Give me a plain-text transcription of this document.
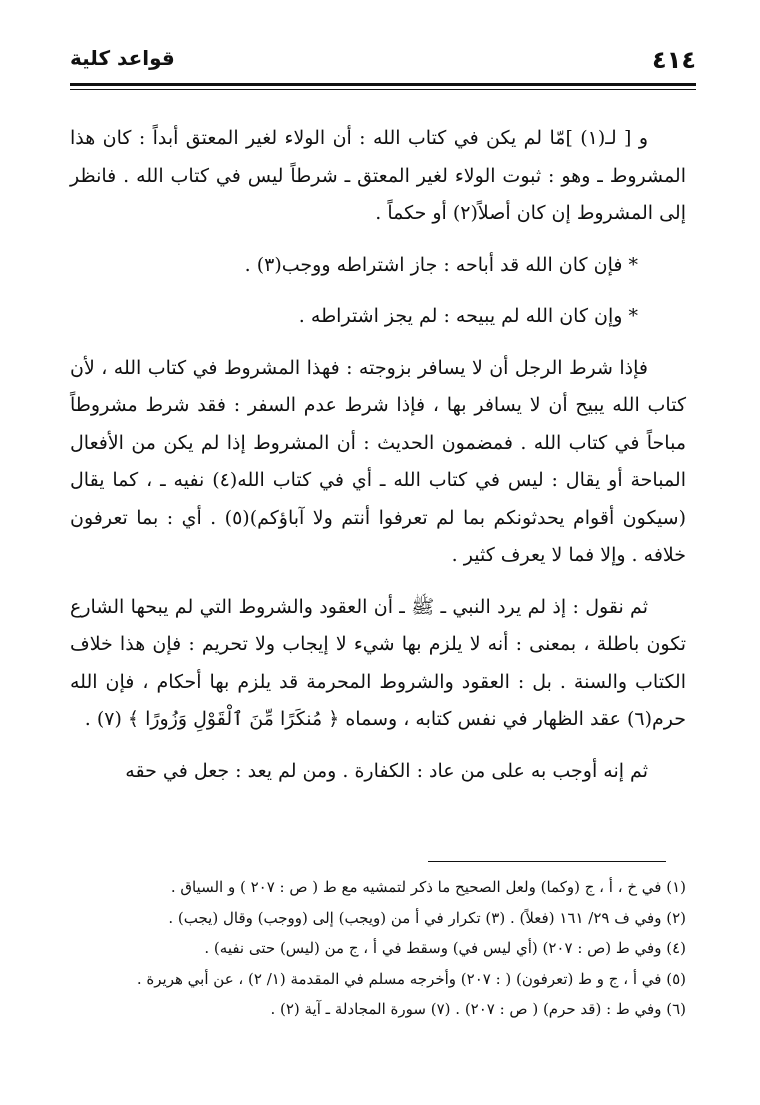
٤١٤
قواعد كلية

و [ لـ(١) ]مّا لم يكن في كتاب الله : أن الولاء لغير المعتق أبداً : كان هذا المشروط ـ وهو : ثبوت الولاء لغير المعتق ـ شرطاً ليس في كتاب الله . فانظر إلى المشروط إن كان أصلاً(٢) أو حكماً .

* فإن كان الله قد أباحه : جاز اشتراطه ووجب(٣) .

* وإن كان الله لم يبيحه : لم يجز اشتراطه .

فإذا شرط الرجل أن لا يسافر بزوجته : فهذا المشروط في كتاب الله ، لأن كتاب الله يبيح أن لا يسافر بها ، فإذا شرط عدم السفر : فقد شرط مشروطاً مباحاً في كتاب الله . فمضمون الحديث : أن المشروط إذا لم يكن من الأفعال المباحة أو يقال : ليس في كتاب الله ـ أي في كتاب الله(٤) نفيه ـ ، كما يقال (سيكون أقوام يحدثونكم بما لم تعرفوا أنتم ولا آباؤكم)(٥) . أي : بما تعرفون خلافه . وإلا فما لا يعرف كثير .

ثم نقول : إذ لم يرد النبي ـ ﷺ ـ أن العقود والشروط التي لم يبحها الشارع تكون باطلة ، بمعنى : أنه لا يلزم بها شيء لا إيجاب ولا تحريم : فإن هذا خلاف الكتاب والسنة . بل : العقود والشروط المحرمة قد يلزم بها أحكام ، فإن الله حرم(٦) عقد الظهار في نفس كتابه ، وسماه ﴿ مُنكَرًا مِّنَ ٱلْقَوْلِ وَزُورًا ﴾ (٧) .

ثم إنه أوجب به على من عاد : الكفارة . ومن لم يعد : جعل في حقه

(١) في خ ، أ ، ج (وكما) ولعل الصحيح ما ذكر لتمشيه مع ط ( ص : ٢٠٧ ) و السياق .

(٢) وفي ف ٢٩/ ١٦١ (فعلاً) . (٣) تكرار في أ من (ويجب) إلى (ووجب) وقال (يجب) .

(٤) وفي ط (ص : ٢٠٧) (أي ليس في) وسقط في أ ، ج من (ليس) حتى نفيه) .

(٥) في أ ، ج و ط (تعرفون) ( : ٢٠٧) وأخرجه مسلم في المقدمة (١/ ٢) ، عن أبي هريرة .

(٦) وفي ط : (قد حرم) ( ص : ٢٠٧) . (٧) سورة المجادلة ـ آية (٢) .
